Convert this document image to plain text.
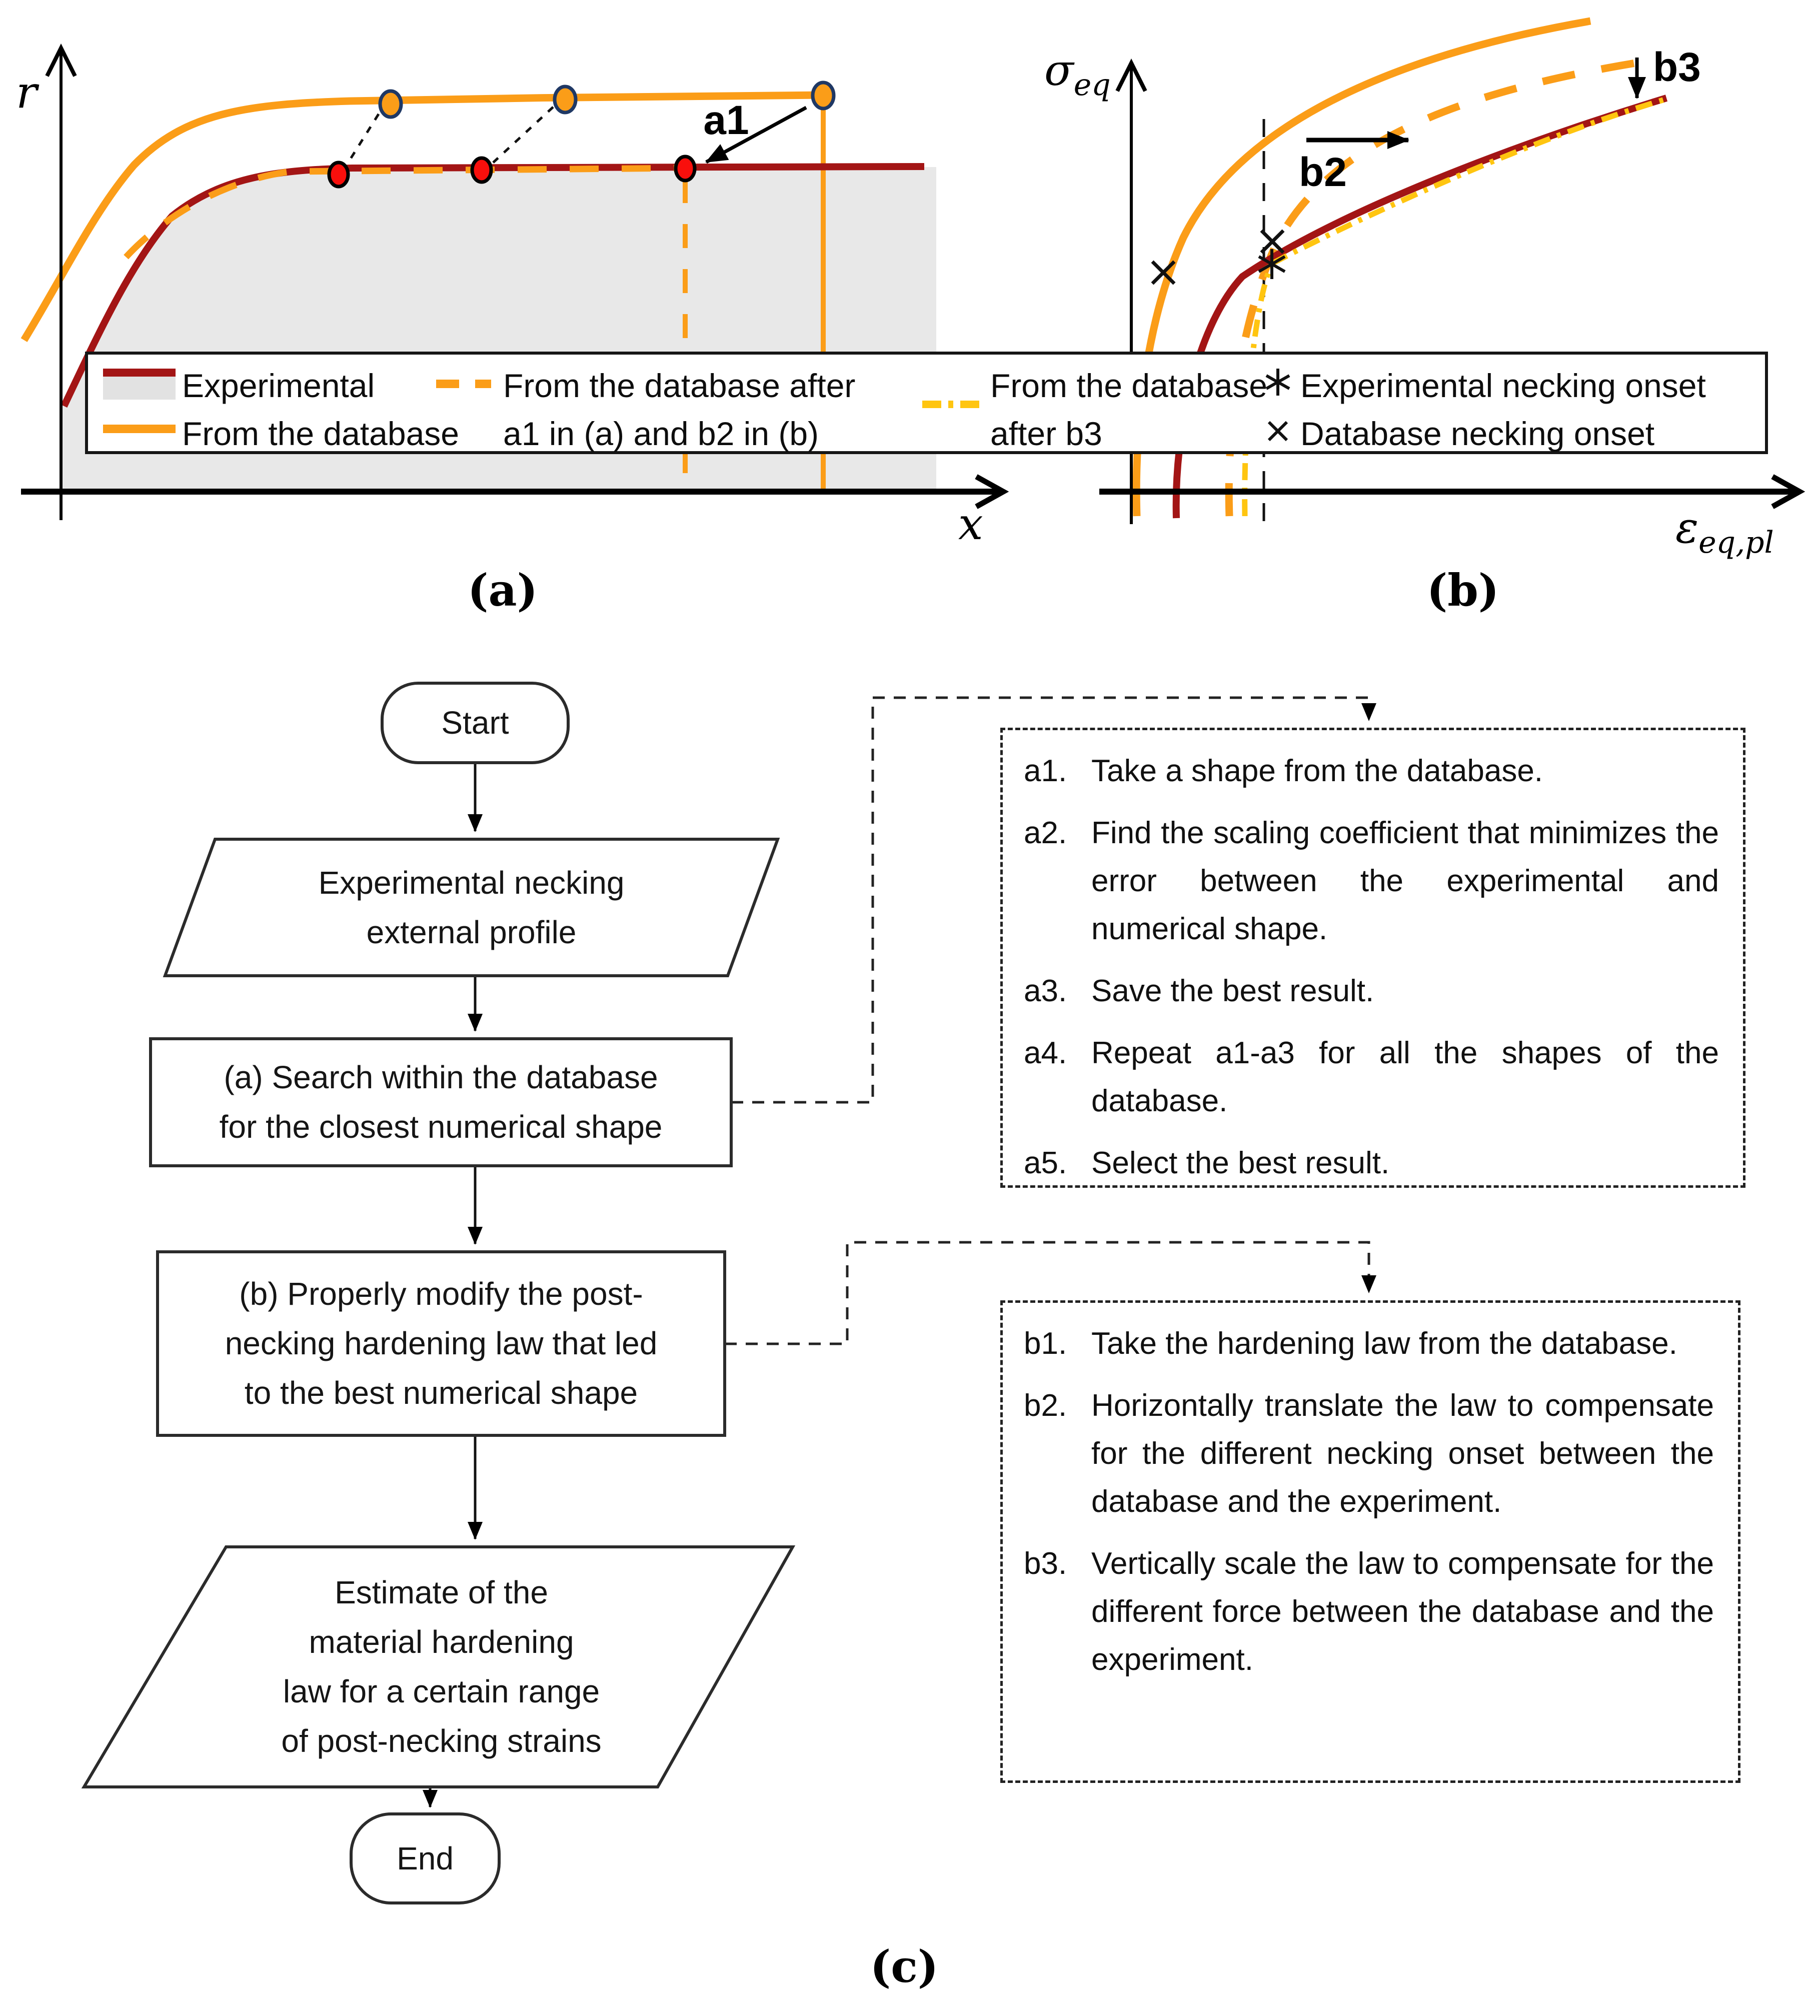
a1
r
x
b2
b3
σeq
εeq,pl
Experimental
From the database
From the database after
a1 in (a) and b2 in (b)
From the database
after b3
Experimental necking onset
Database necking onset
(a)	(b)
Start
Experimental necking
external profile
(a) Search within the database
for the closest numerical shape
(b) Properly modify the post-
necking hardening law that led
to the best numerical shape
Estimate of the
material hardening
law for a certain range
of post-necking strains
End
a1. Take a shape from the database.
a2. Find the scaling coefficient that minimizes the error between the experimental and numerical shape.
a3. Save the best result.
a4. Repeat a1-a3 for all the shapes of the database.
a5. Select the best result.
b1. Take the hardening law from the database.
b2. Horizontally translate the law to compensate for the different necking onset between the database and the experiment.
b3. Vertically scale the law to compensate for the different force between the database and the experiment.
(c)
